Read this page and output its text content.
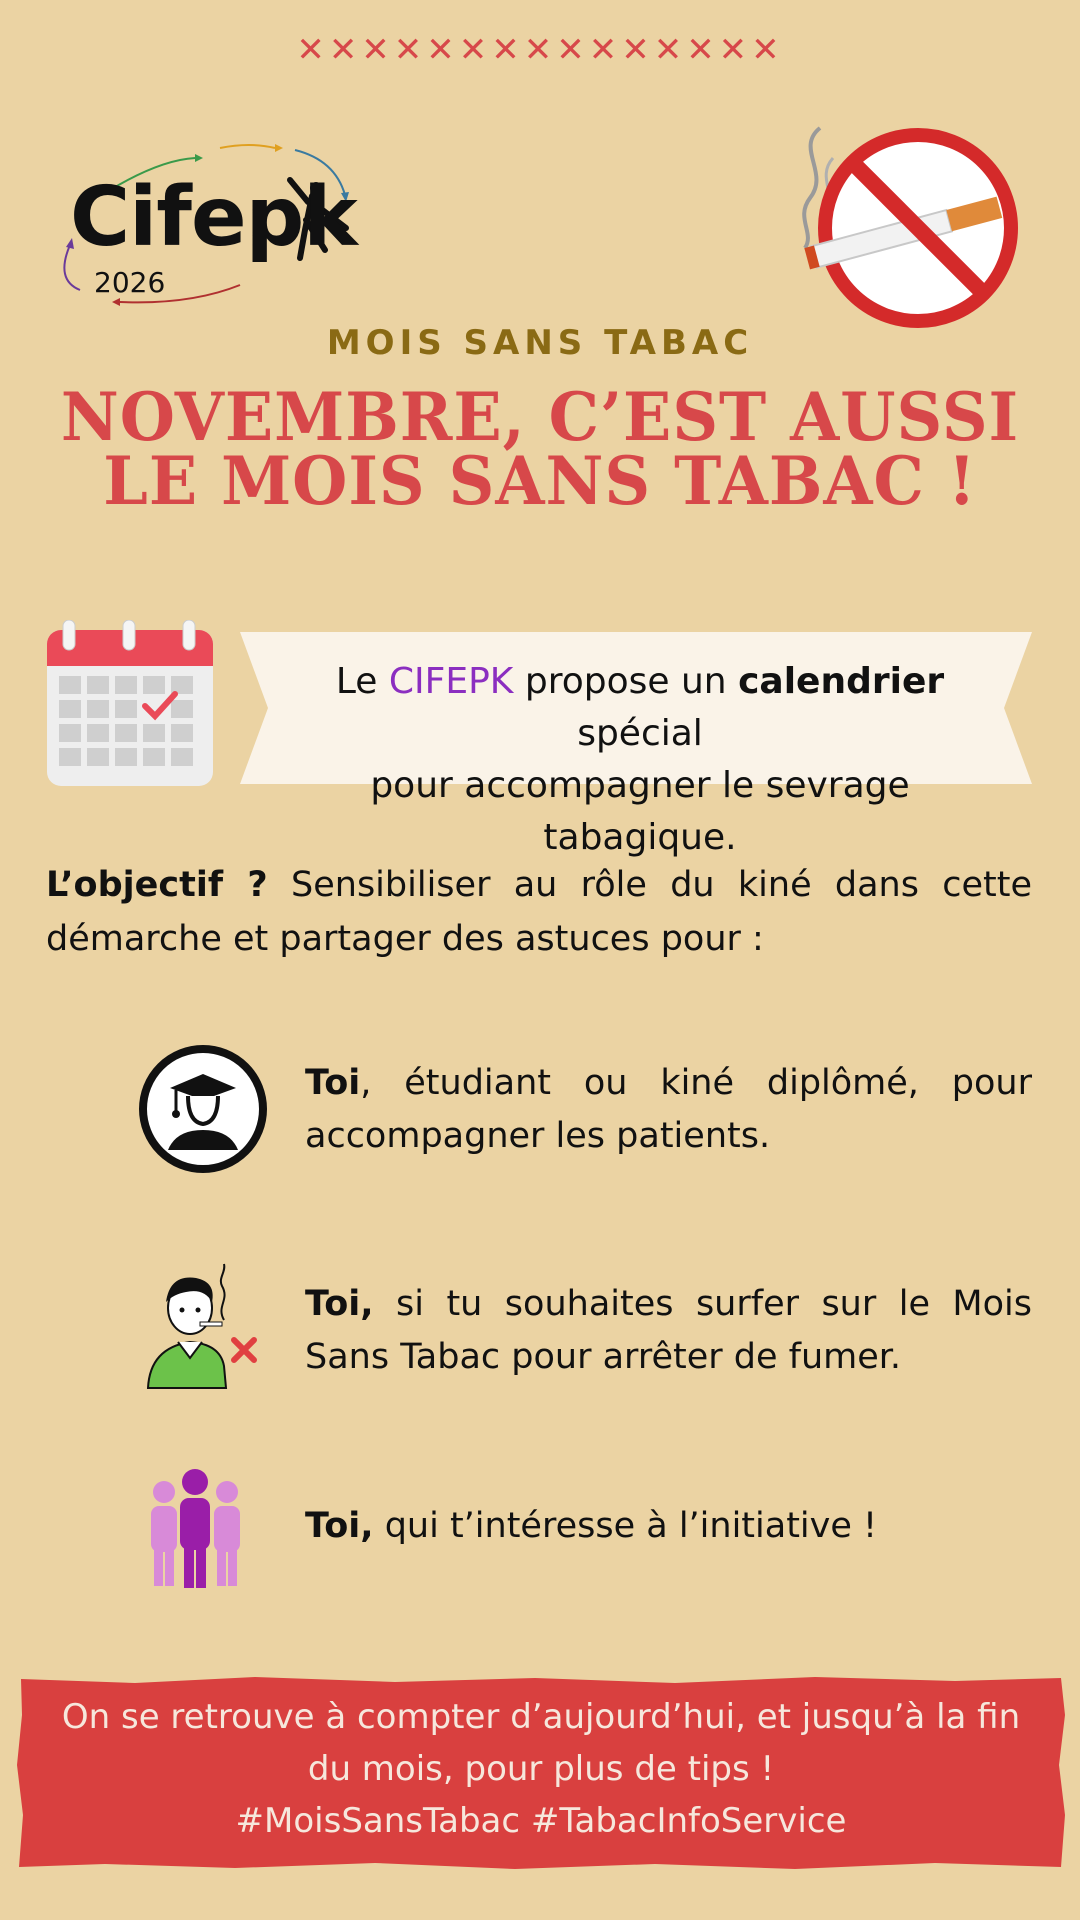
✕✕✕✕✕✕✕✕✕✕✕✕✕✕✕
Cifepk
2026
MOIS SANS TABAC
NOVEMBRE, C’EST AUSSI
LE MOIS SANS TABAC !
Le CIFEPK propose un calendrier spécial
pour accompagner le sevrage tabagique.
L’objectif ? Sensibiliser au rôle du kiné dans cette démarche et partager des astuces pour :
Toi, étudiant ou kiné diplômé, pour accompagner les patients.
Toi, si tu souhaites surfer sur le Mois Sans Tabac pour arrêter de fumer.
Toi, qui t’intéresse à l’initiative !
On se retrouve à compter d’aujourd’hui, et jusqu’à la fin
du mois, pour plus de tips !
#MoisSansTabac #TabacInfoService
